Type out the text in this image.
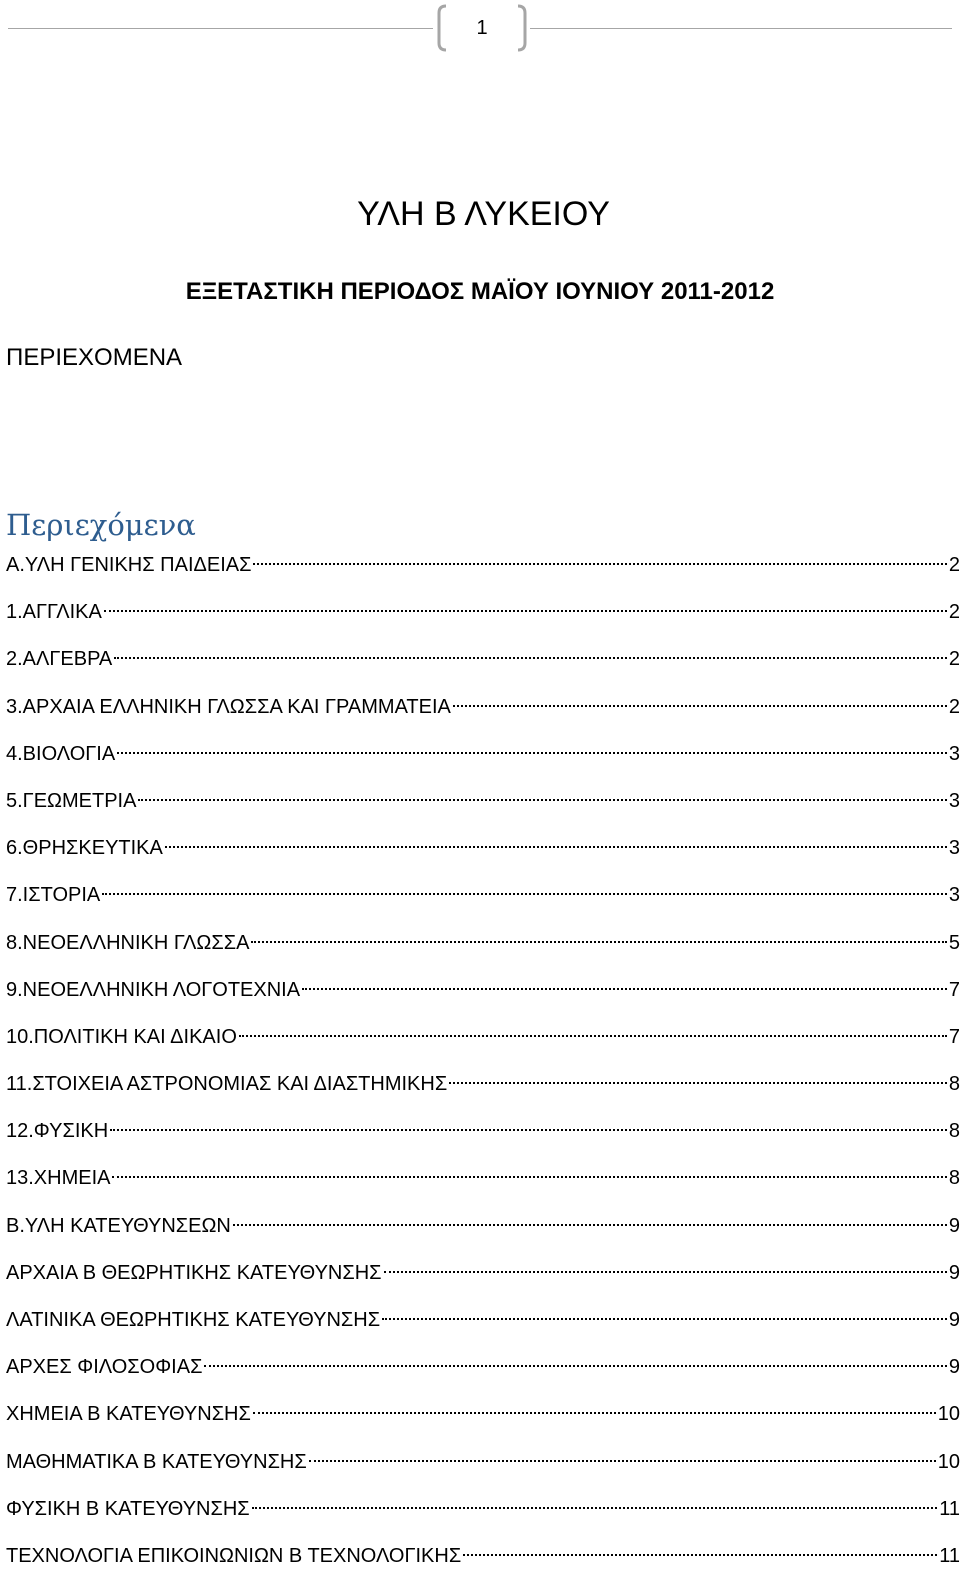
1
ΥΛΗ Β ΛΥΚΕΙΟΥ
ΕΞΕΤΑΣΤΙΚΗ ΠΕΡΙΟΔΟΣ ΜΑΪΟΥ ΙΟΥΝΙΟΥ 2011-2012
ΠΕΡΙΕΧΟΜΕΝΑ
Περιεχόμενα
Α.ΥΛΗ ΓΕΝΙΚΗΣ ΠΑΙΔΕΙΑΣ	2
1.ΑΓΓΛΙΚΑ	2
2.ΑΛΓΕΒΡΑ	2
3.ΑΡΧΑΙΑ ΕΛΛΗΝΙΚΗ ΓΛΩΣΣΑ ΚΑΙ ΓΡΑΜΜΑΤΕΙΑ	2
4.ΒΙΟΛΟΓΙΑ	3
5.ΓΕΩΜΕΤΡΙΑ	3
6.ΘΡΗΣΚΕΥΤΙΚΑ	3
7.ΙΣΤΟΡΙΑ	3
8.ΝΕΟΕΛΛΗΝΙΚΗ ΓΛΩΣΣΑ	5
9.ΝΕΟΕΛΛΗΝΙΚΗ ΛΟΓΟΤΕΧΝΙΑ	7
10.ΠΟΛΙΤΙΚΗ ΚΑΙ ΔΙΚΑΙΟ	7
11.ΣΤΟΙΧΕΙΑ ΑΣΤΡΟΝΟΜΙΑΣ ΚΑΙ ΔΙΑΣΤΗΜΙΚΗΣ	8
12.ΦΥΣΙΚΗ	8
13.ΧΗΜΕΙΑ	8
Β.ΥΛΗ ΚΑΤΕΥΘΥΝΣΕΩΝ	9
ΑΡΧΑΙΑ Β ΘΕΩΡΗΤΙΚΗΣ ΚΑΤΕΥΘΥΝΣΗΣ	9
ΛΑΤΙΝΙΚΑ ΘΕΩΡΗΤΙΚΗΣ ΚΑΤΕΥΘΥΝΣΗΣ	9
ΑΡΧΕΣ ΦΙΛΟΣΟΦΙΑΣ	9
ΧΗΜΕΙΑ Β ΚΑΤΕΥΘΥΝΣΗΣ	10
ΜΑΘΗΜΑΤΙΚΑ Β ΚΑΤΕΥΘΥΝΣΗΣ	10
ΦΥΣΙΚΗ Β ΚΑΤΕΥΘΥΝΣΗΣ	11
ΤΕΧΝΟΛΟΓΙΑ ΕΠΙΚΟΙΝΩΝΙΩΝ Β ΤΕΧΝΟΛΟΓΙΚΗΣ	11
